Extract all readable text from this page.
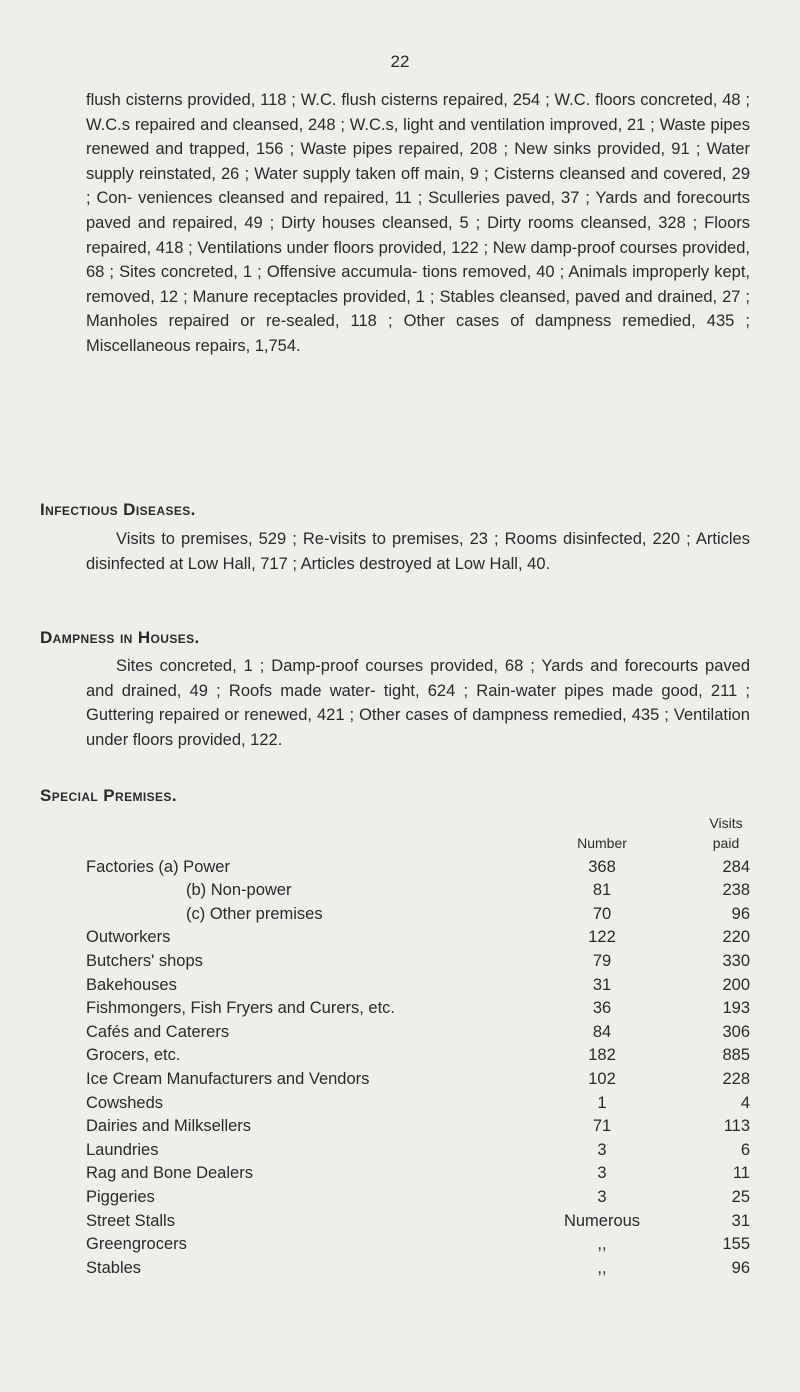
22

flush cisterns provided, 118 ; W.C. flush cisterns repaired, 254 ; W.C. floors concreted, 48 ; W.C.s repaired and cleansed, 248 ; W.C.s, light and ventilation improved, 21 ; Waste pipes renewed and trapped, 156 ; Waste pipes repaired, 208 ; New sinks provided, 91 ; Water supply reinstated, 26 ; Water supply taken off main, 9 ; Cisterns cleansed and covered, 29 ; Con- veniences cleansed and repaired, 11 ; Sculleries paved, 37 ; Yards and forecourts paved and repaired, 49 ; Dirty houses cleansed, 5 ; Dirty rooms cleansed, 328 ; Floors repaired, 418 ; Ventilations under floors provided, 122 ; New damp-proof courses provided, 68 ; Sites concreted, 1 ; Offensive accumula- tions removed, 40 ; Animals improperly kept, removed, 12 ; Manure receptacles provided, 1 ; Stables cleansed, paved and drained, 27 ; Manholes repaired or re-sealed, 118 ; Other cases of dampness remedied, 435 ; Miscellaneous repairs, 1,754.

Infectious Diseases.

Visits to premises, 529 ; Re-visits to premises, 23 ; Rooms disinfected, 220 ; Articles disinfected at Low Hall, 717 ; Articles destroyed at Low Hall, 40.

Dampness in Houses.

Sites concreted, 1 ; Damp-proof courses provided, 68 ; Yards and forecourts paved and drained, 49 ; Roofs made water- tight, 624 ; Rain-water pipes made good, 211 ; Guttering repaired or renewed, 421 ; Other cases of dampness remedied, 435 ; Ventilation under floors provided, 122.

Special Premises.
	Number	Visits paid
Factories (a) Power	368	284
(b) Non-power	81	238
(c) Other premises	70	96
Outworkers	122	220
Butchers' shops	79	330
Bakehouses	31	200
Fishmongers, Fish Fryers and Curers, etc.	36	193
Cafés and Caterers	84	306
Grocers, etc.	182	885
Ice Cream Manufacturers and Vendors	102	228
Cowsheds	1	4
Dairies and Milksellers	71	113
Laundries	3	6
Rag and Bone Dealers	3	11
Piggeries	3	25
Street Stalls	Numerous	31
Greengrocers	,,	155
Stables	,,	96
